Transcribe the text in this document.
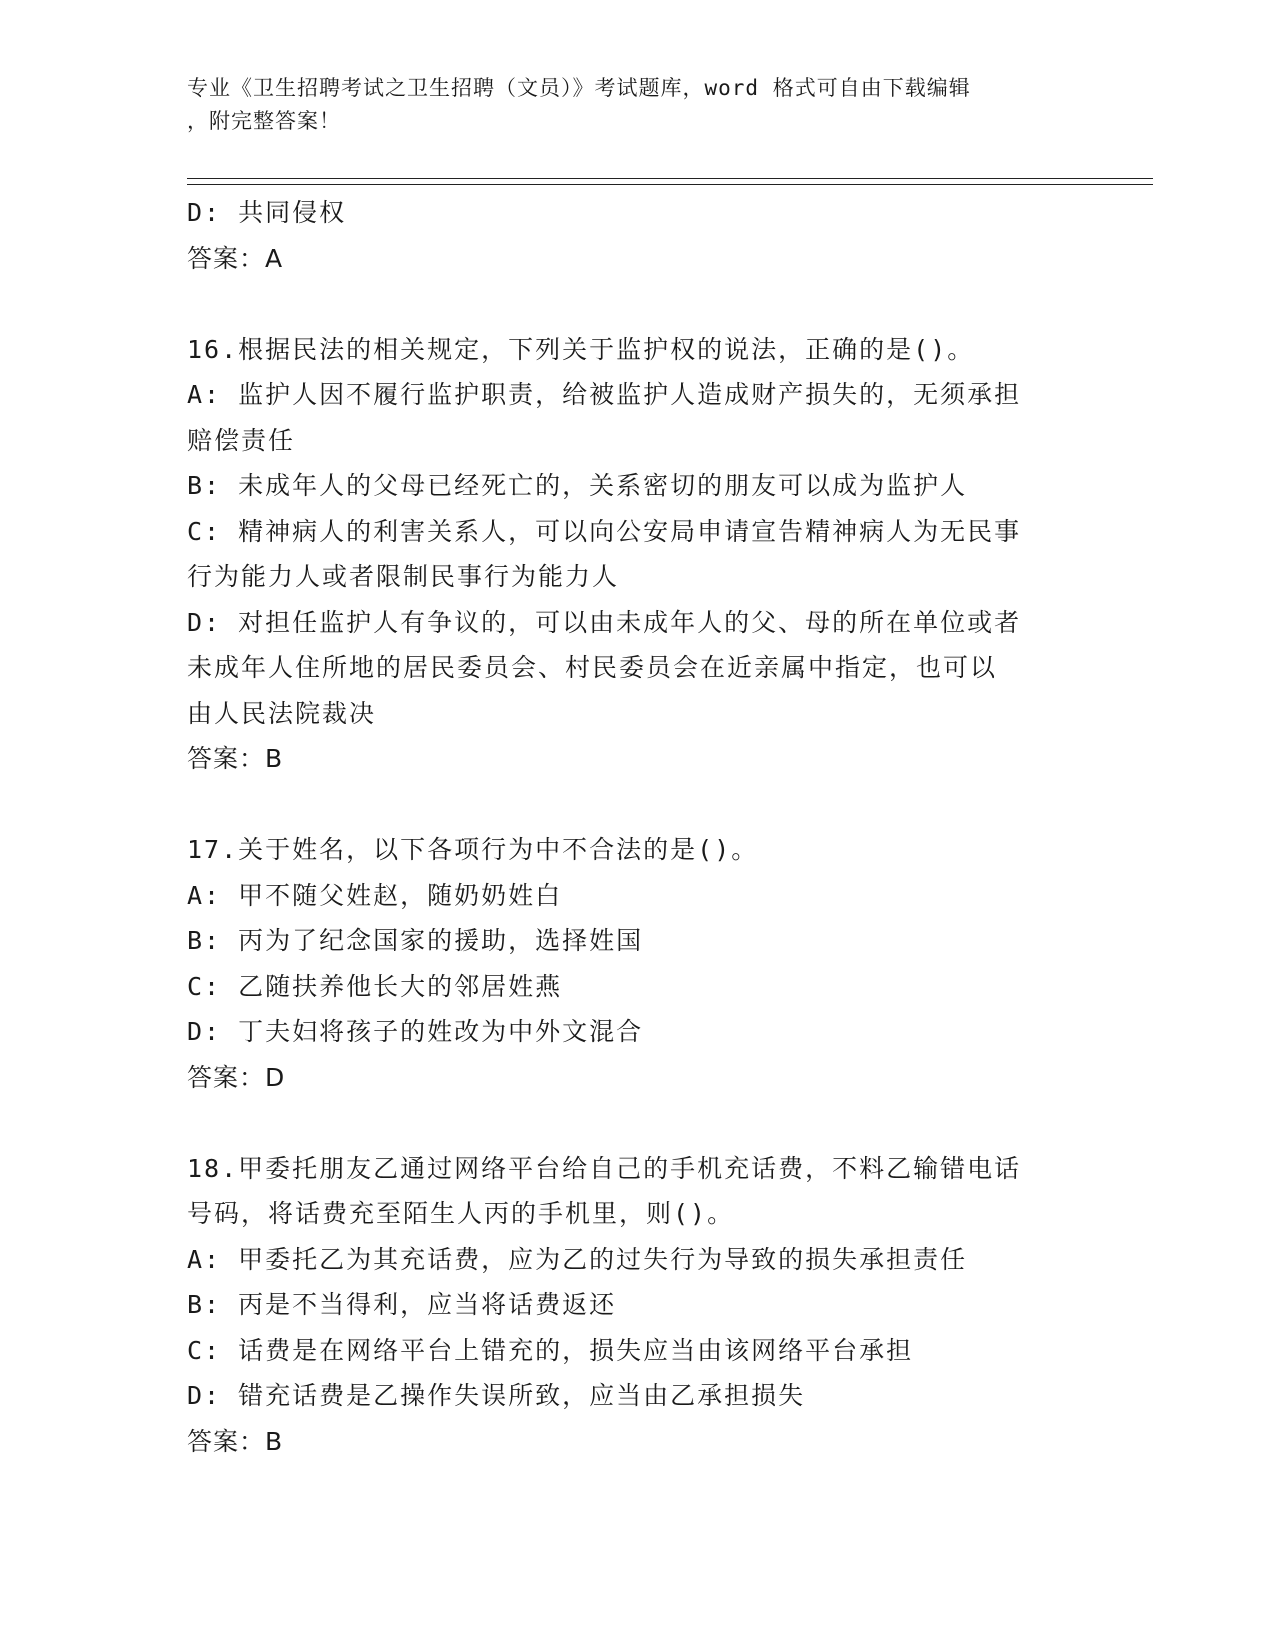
专业《卫生招聘考试之卫生招聘（文员）》考试题库，word 格式可自由下载编辑
，附完整答案！
D: 共同侵权
答案：A
16.根据民法的相关规定，下列关于监护权的说法，正确的是()。
A: 监护人因不履行监护职责，给被监护人造成财产损失的，无须承担
赔偿责任
B: 未成年人的父母已经死亡的，关系密切的朋友可以成为监护人
C: 精神病人的利害关系人，可以向公安局申请宣告精神病人为无民事
行为能力人或者限制民事行为能力人
D: 对担任监护人有争议的，可以由未成年人的父、母的所在单位或者
未成年人住所地的居民委员会、村民委员会在近亲属中指定，也可以
由人民法院裁决
答案：B
17.关于姓名，以下各项行为中不合法的是()。
A: 甲不随父姓赵，随奶奶姓白
B: 丙为了纪念国家的援助，选择姓国
C: 乙随扶养他长大的邻居姓燕
D: 丁夫妇将孩子的姓改为中外文混合
答案：D
18.甲委托朋友乙通过网络平台给自己的手机充话费，不料乙输错电话
号码，将话费充至陌生人丙的手机里，则()。
A: 甲委托乙为其充话费，应为乙的过失行为导致的损失承担责任
B: 丙是不当得利，应当将话费返还
C: 话费是在网络平台上错充的，损失应当由该网络平台承担
D: 错充话费是乙操作失误所致，应当由乙承担损失
答案：B
